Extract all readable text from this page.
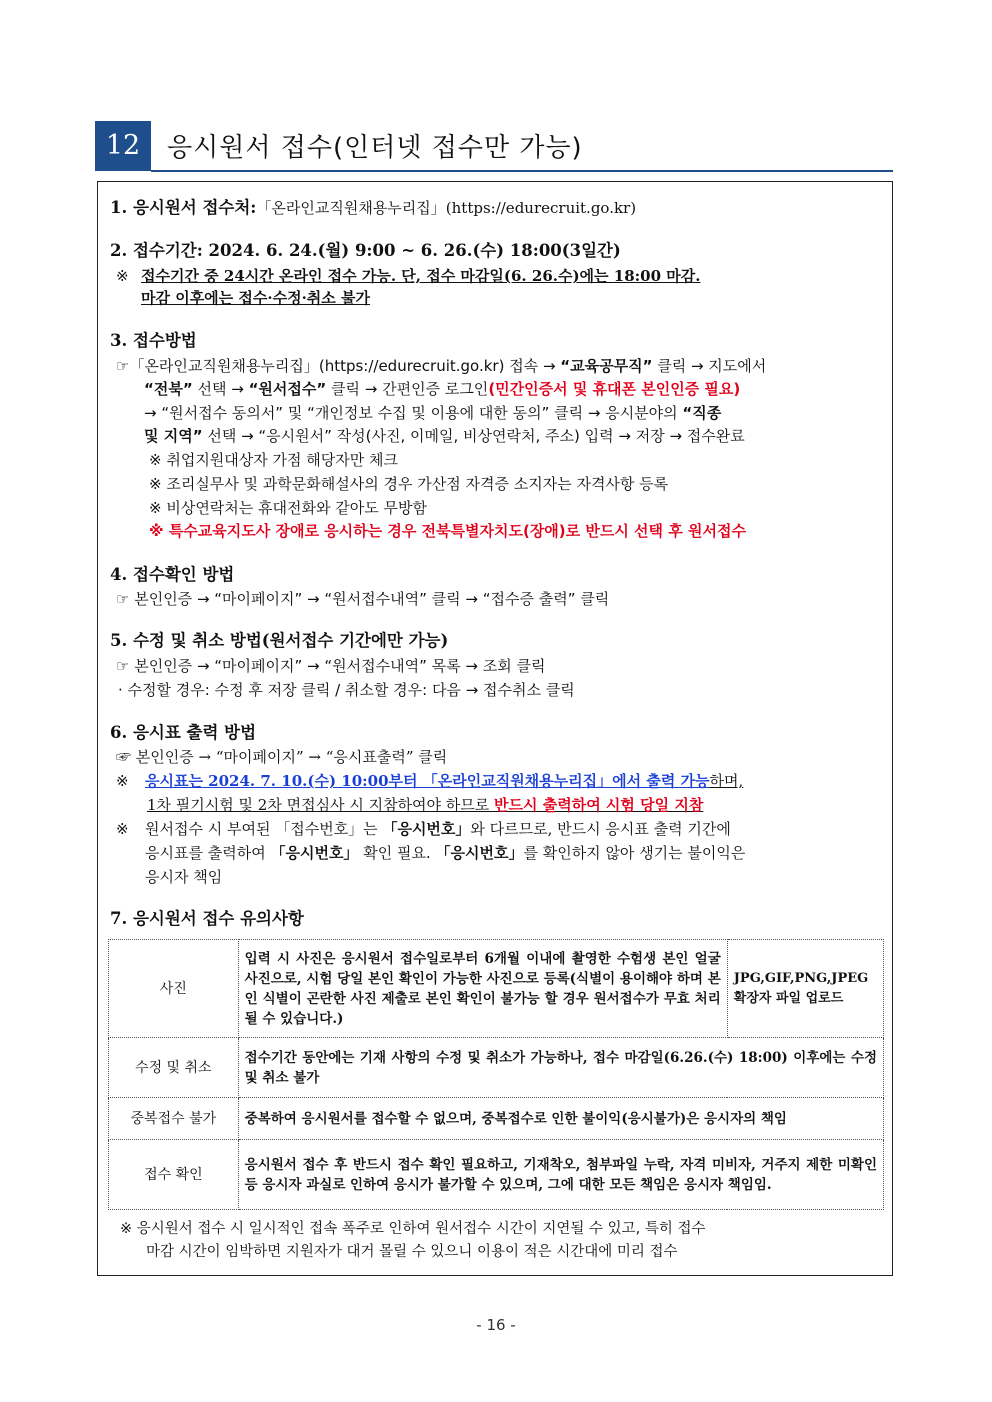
12	응시원서 접수(인터넷 접수만 가능)
1. 응시원서 접수처:「온라인교직원채용누리집」(https://edurecruit.go.kr)
2. 접수기간: 2024. 6. 24.(월) 9:00 ~ 6. 26.(수) 18:00(3일간)
※ 접수기간 중 24시간 온라인 접수 가능. 단, 접수 마감일(6. 26.수)에는 18:00 마감.
마감 이후에는 접수·수정·취소 불가
3. 접수방법
☞「온라인교직원채용누리집」(https://edurecruit.go.kr) 접속 → “교육공무직” 클릭 → 지도에서
“전북” 선택 → “원서접수” 클릭 → 간편인증 로그인(민간인증서 및 휴대폰 본인인증 필요)
→ “원서접수 동의서” 및 “개인정보 수집 및 이용에 대한 동의” 클릭 → 응시분야의 “직종
및 지역” 선택 → “응시원서” 작성(사진, 이메일, 비상연락처, 주소) 입력 → 저장 → 접수완료
※ 취업지원대상자 가점 해당자만 체크
※ 조리실무사 및 과학문화해설사의 경우 가산점 자격증 소지자는 자격사항 등록
※ 비상연락처는 휴대전화와 같아도 무방함
※ 특수교육지도사 장애로 응시하는 경우 전북특별자치도(장애)로 반드시 선택 후 원서접수
4. 접수확인 방법
☞ 본인인증 → “마이페이지” → “원서접수내역” 클릭 → “접수증 출력” 클릭
5. 수정 및 취소 방법(원서접수 기간에만 가능)
☞ 본인인증 → “마이페이지” → “원서접수내역” 목록 → 조회 클릭
· 수정할 경우: 수정 후 저장 클릭 / 취소할 경우: 다음 → 접수취소 클릭
6. 응시표 출력 방법
☞ 본인인증 → “마이페이지” → “응시표출력” 클릭
※ 응시표는 2024. 7. 10.(수) 10:00부터 「온라인교직원채용누리집」에서 출력 가능하며,
1차 필기시험 및 2차 면접심사 시 지참하여야 하므로 반드시 출력하여 시험 당일 지참
※ 원서접수 시 부여된 「접수번호」는 「응시번호」와 다르므로, 반드시 응시표 출력 기간에
응시표를 출력하여 「응시번호」 확인 필요. 「응시번호」를 확인하지 않아 생기는 불이익은
응시자 책임
7. 응시원서 접수 유의사항
사진	입력 시 사진은 응시원서 접수일로부터 6개월 이내에 촬영한 수험생 본인 얼굴 사진으로, 시험 당일 본인 확인이 가능한 사진으로 등록(식별이 용이해야 하며 본인 식별이 곤란한 사진 제출로 본인 확인이 불가능 할 경우 원서접수가 무효 처리될 수 있습니다.)	JPG,GIF,PNG,JPEG 확장자 파일 업로드
수정 및 취소	접수기간 동안에는 기재 사항의 수정 및 취소가 가능하나, 접수 마감일(6.26.(수) 18:00) 이후에는 수정 및 취소 불가	
중복접수 불가	중복하여 응시원서를 접수할 수 없으며, 중복접수로 인한 불이익(응시불가)은 응시자의 책임	
접수 확인	응시원서 접수 후 반드시 접수 확인 필요하고, 기재착오, 첨부파일 누락, 자격 미비자, 거주지 제한 미확인 등 응시자 과실로 인하여 응시가 불가할 수 있으며, 그에 대한 모든 책임은 응시자 책임임.	
※ 응시원서 접수 시 일시적인 접속 폭주로 인하여 원서접수 시간이 지연될 수 있고, 특히 접수
마감 시간이 임박하면 지원자가 대거 몰릴 수 있으니 이용이 적은 시간대에 미리 접수
- 16 -
